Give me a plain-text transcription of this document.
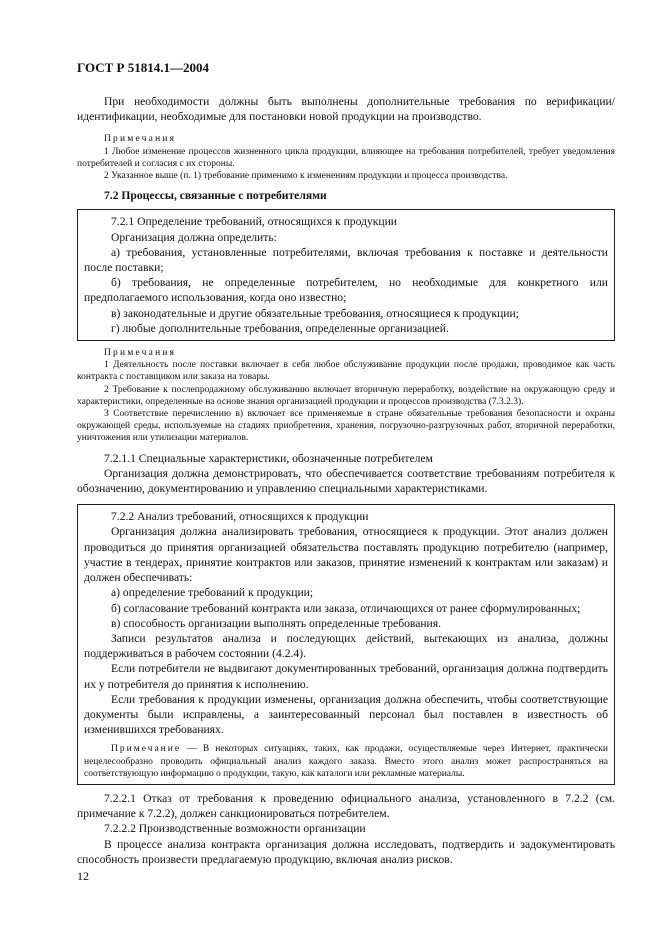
ГОСТ Р 51814.1—2004

При необходимости должны быть выполнены дополнительные требования по верификации/идентификации, необходимые для постановки новой продукции на производство.

Примечания

1 Любое изменение процессов жизненного цикла продукции, влияющее на требования потребителей, требует уведомления потребителей и согласия с их стороны.

2 Указанное выше (п. 1) требование применимо к изменениям продукции и процесса производства.

7.2 Процессы, связанные с потребителями

7.2.1 Определение требований, относящихся к продукции

Организация должна определить:

а) требования, установленные потребителями, включая требования к поставке и деятельности после поставки;

б) требования, не определенные потребителем, но необходимые для конкретного или предполагаемого использования, когда оно известно;

в) законодательные и другие обязательные требования, относящиеся к продукции;

г) любые дополнительные требования, определенные организацией.

Примечания

1 Деятельность после поставки включает в себя любое обслуживание продукции после продажи, проводимое как часть контракта с поставщиком или заказа на товары.

2 Требование к послепродажному обслуживанию включает вторичную переработку, воздействие на окружающую среду и характеристики, определенные на основе знания организацией продукции и процессов производства (7.3.2.3).

3 Соответствие перечислению в) включает все применяемые в стране обязательные требования безопасности и охраны окружающей среды, используемые на стадиях приобретения, хранения, погрузочно-разгрузочных работ, вторичной переработки, уничтожения или утилизации материалов.

7.2.1.1 Специальные характеристики, обозначенные потребителем

Организация должна демонстрировать, что обеспечивается соответствие требованиям потребителя к обозначению, документированию и управлению специальными характеристиками.

7.2.2 Анализ требований, относящихся к продукции

Организация должна анализировать требования, относящиеся к продукции. Этот анализ должен проводиться до принятия организацией обязательства поставлять продукцию потребителю (например, участие в тендерах, принятие контрактов или заказов, принятие изменений к контрактам или заказам) и должен обеспечивать:

а) определение требований к продукции;

б) согласование требований контракта или заказа, отличающихся от ранее сформулированных;

в) способность организации выполнять определенные требования.

Записи результатов анализа и последующих действий, вытекающих из анализа, должны поддерживаться в рабочем состоянии (4.2.4).

Если потребители не выдвигают документированных требований, организация должна подтвердить их у потребителя до принятия к исполнению.

Если требования к продукции изменены, организация должна обеспечить, чтобы соответствующие документы были исправлены, а заинтересованный персонал был поставлен в известность об изменившихся требованиях.

Примечание — В некоторых ситуациях, таких, как продажи, осуществляемые через Интернет, практически нецелесообразно проводить официальный анализ каждого заказа. Вместо этого анализ может распространяться на соответствующую информацию о продукции, такую, как каталоги или рекламные материалы.

7.2.2.1 Отказ от требования к проведению официального анализа, установленного в 7.2.2 (см. примечание к 7.2.2), должен санкционироваться потребителем.

7.2.2.2 Производственные возможности организации

В процессе анализа контракта организация должна исследовать, подтвердить и задокументировать способность произвести предлагаемую продукцию, включая анализ рисков.

12
